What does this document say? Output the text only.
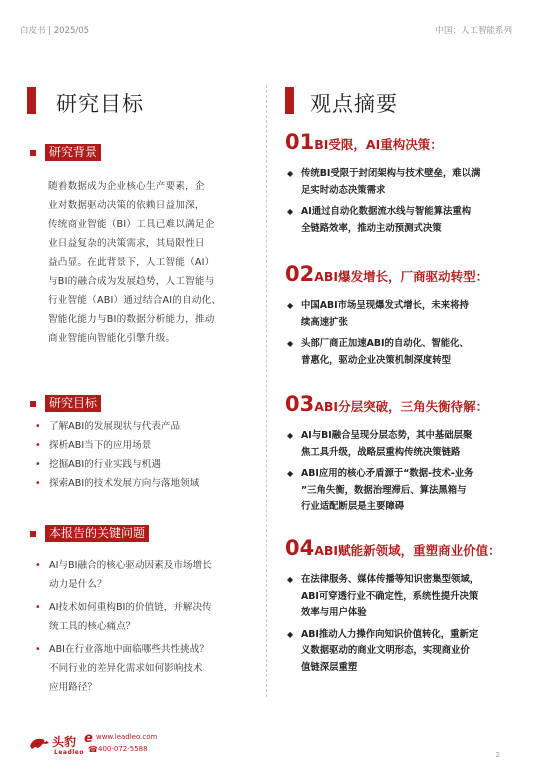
白皮书 | 2025/05	中国：人工智能系列
研究目标	观点摘要
研究背景
随着数据成为企业核心生产要素，企
业对数据驱动决策的依赖日益加深，
传统商业智能（BI）工具已难以满足企
业日益复杂的决策需求，其局限性日
益凸显。在此背景下，人工智能（AI）
与BI的融合成为发展趋势，人工智能与
行业智能（ABI）通过结合AI的自动化、
智能化能力与BI的数据分析能力，推动
商业智能向智能化引擎升级。
研究目标
• 了解ABI的发展现状与代表产品
• 探析ABI当下的应用场景
• 挖掘ABI的行业实践与机遇
• 探索ABI的技术发展方向与落地领域
本报告的关键问题
• AI与BI融合的核心驱动因素及市场增长
动力是什么？
• AI技术如何重构BI的价值链，并解决传
统工具的核心痛点？
• ABI在行业落地中面临哪些共性挑战？
不同行业的差异化需求如何影响技术
应用路径？
01BI受限，AI重构决策：
◆ 传统BI受限于封闭架构与技术壁垒，难以满
足实时动态决策需求
◆ AI通过自动化数据流水线与智能算法重构
全链路效率，推动主动预测式决策
02ABI爆发增长，厂商驱动转型：
◆ 中国ABI市场呈现爆发式增长，未来将持
续高速扩张
◆ 头部厂商正加速ABI的自动化、智能化、
普惠化，驱动企业决策机制深度转型
03ABI分层突破，三角失衡待解：
◆ AI与BI融合呈现分层态势，其中基础层聚
焦工具升级，战略层重构传统决策链路
◆ ABI应用的核心矛盾源于“数据-技术-业务
”三角失衡，数据治理滞后、算法黑箱与
行业适配断层是主要障碍
04ABI赋能新领域，重塑商业价值：
◆ 在法律服务、媒体传播等知识密集型领域，
ABI可穿透行业不确定性，系统性提升决策
效率与用户体验
◆ ABI推动人力操作向知识价值转化，重新定
义数据驱动的商业文明形态，实现商业价
值链深层重塑
头豹 e
Leadleo
www.leadleo.com
☎ 400-072-5588
2
